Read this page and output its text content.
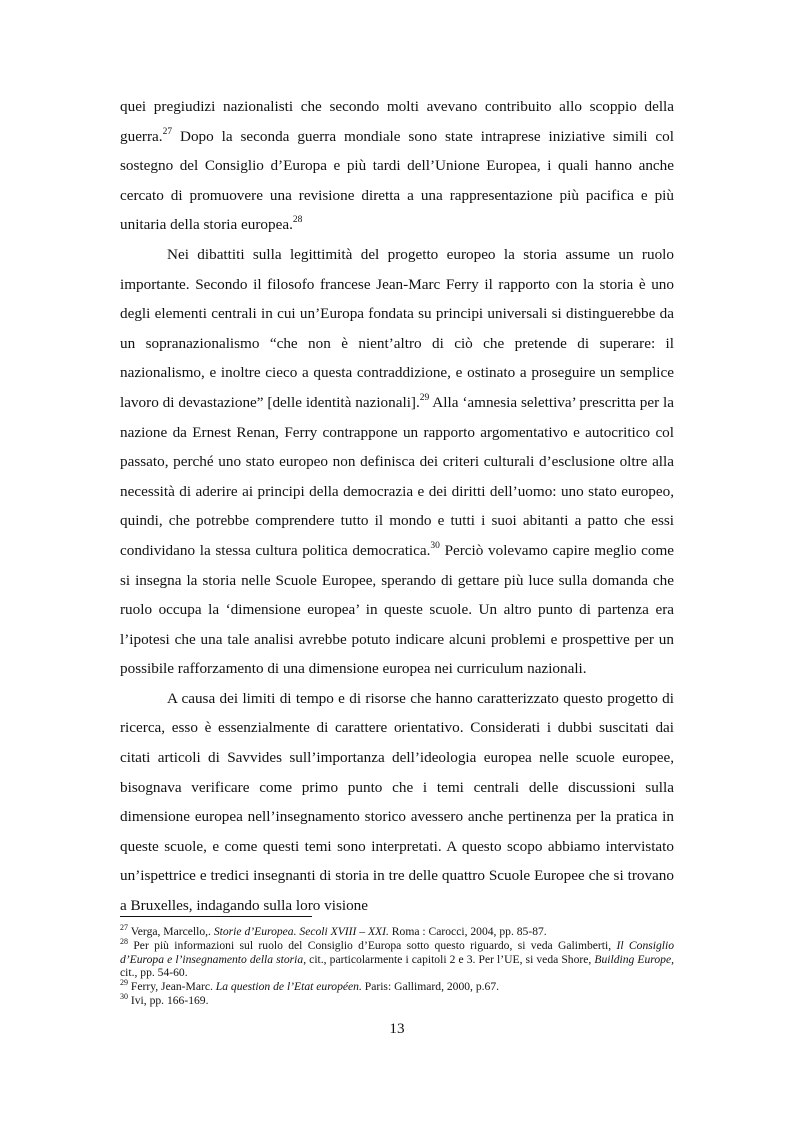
quei pregiudizi nazionalisti che secondo molti avevano contribuito allo scoppio della guerra.$^{27}$ Dopo la seconda guerra mondiale sono state intraprese iniziative simili col sostegno del Consiglio d’Europa e più tardi dell’Unione Europea, i quali hanno anche cercato di promuovere una revisione diretta a una rappresentazione più pacifica e più unitaria della storia europea.$^{28}$

Nei dibattiti sulla legittimità del progetto europeo la storia assume un ruolo importante. Secondo il filosofo francese Jean-Marc Ferry il rapporto con la storia è uno degli elementi centrali in cui un’Europa fondata su principi universali si distinguerebbe da un sopranazionalismo “che non è nient’altro di ciò che pretende di superare: il nazionalismo, e inoltre cieco a questa contraddizione, e ostinato a proseguire un semplice lavoro di devastazione” [delle identità nazionali].$^{29}$ Alla ‘amnesia selettiva’ prescritta per la nazione da Ernest Renan, Ferry contrappone un rapporto argomentativo e autocritico col passato, perché uno stato europeo non definisca dei criteri culturali d’esclusione oltre alla necessità di aderire ai principi della democrazia e dei diritti dell’uomo: uno stato europeo, quindi, che potrebbe comprendere tutto il mondo e tutti i suoi abitanti a patto che essi condividano la stessa cultura politica democratica.$^{30}$ Perciò volevamo capire meglio come si insegna la storia nelle Scuole Europee, sperando di gettare più luce sulla domanda che ruolo occupa la ‘dimensione europea’ in queste scuole. Un altro punto di partenza era l’ipotesi che una tale analisi avrebbe potuto indicare alcuni problemi e prospettive per un possibile rafforzamento di una dimensione europea nei curriculum nazionali.

A causa dei limiti di tempo e di risorse che hanno caratterizzato questo progetto di ricerca, esso è essenzialmente di carattere orientativo. Considerati i dubbi suscitati dai citati articoli di Savvides sull’importanza dell’ideologia europea nelle scuole europee, bisognava verificare come primo punto che i temi centrali delle discussioni sulla dimensione europea nell’insegnamento storico avessero anche pertinenza per la pratica in queste scuole, e come questi temi sono interpretati. A questo scopo abbiamo intervistato un’ispettrice e tredici insegnanti di storia in tre delle quattro Scuole Europee che si trovano a Bruxelles, indagando sulla loro visione

$^{27}$ Verga, Marcello,. Storie d’Europea. Secoli XVIII – XXI. Roma : Carocci, 2004, pp. 85-87.

$^{28}$ Per più informazioni sul ruolo del Consiglio d’Europa sotto questo riguardo, si veda Galimberti, Il Consiglio d’Europa e l’insegnamento della storia, cit., particolarmente i capitoli 2 e 3. Per l’UE, si veda Shore, Building Europe, cit., pp. 54-60.

$^{29}$ Ferry, Jean-Marc. La question de l’Etat européen. Paris: Gallimard, 2000, p.67.

$^{30}$ Ivi, pp. 166-169.

13
